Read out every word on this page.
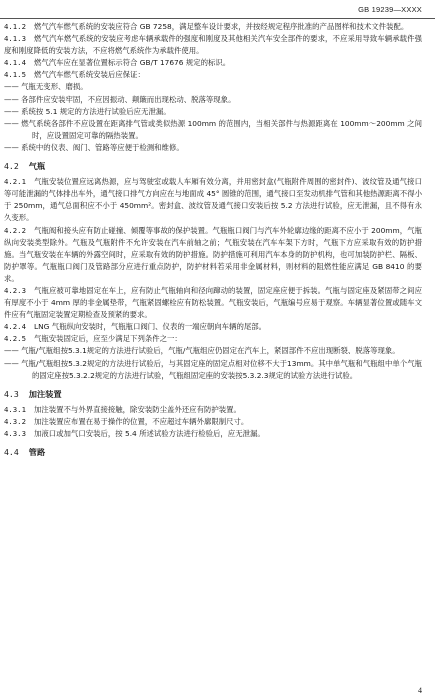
GB 19239—XXXX

4.1.2 燃气汽车燃气系统的安装应符合 GB 7258，满足整车设计要求，并按经规定程序批准的产品图样和技术文件装配。

4.1.3 燃气汽车燃气系统的安装应考虑车辆承载件的强度和刚度及其他相关汽车安全部件的要求，不应采用导致车辆承载件强度和刚度降低的安装方法，不应将燃气系统作为承载件使用。

4.1.4 燃气汽车应在显著位置标示符合 GB/T 17676 规定的标识。

4.1.5 燃气汽车燃气系统安装后应保证：

—— 气瓶无变形、磨损。

—— 各部件应安装牢固，不应因振动、颠簸而出现松动、脱落等现象。

—— 系统按 5.1 规定的方法进行试验后应无泄漏。

—— 燃气系统各部件不应设置在距离排气管或类似热源 100mm 的范围内，当相关部件与热源距离在 100mm～200mm 之间时，应设置固定可靠的隔热装置。

—— 系统中的仪表、阀门、管路等应便于检测和维修。

4.2 气瓶

4.2.1 气瓶安装位置应远离热源，应与驾驶室或载人车厢有效分离，并用密封盒(气瓶附件周围的密封件)、波纹管及通气接口等可能泄漏的气体排出车外，通气接口排气方向应在与地面成 45° 圆锥的范围，通气接口至发动机排气管和其他热源距离不得小于 250mm，通气总面积应不小于 450mm²。密封盒、波纹管及通气接口安装后按 5.2 方法进行试验，应无泄漏，且不得有永久变形。

4.2.2 气瓶阀和接头应有防止碰撞、倾覆等事故的保护装置。气瓶瓶口阀门与汽车外轮廓边缘的距离不应小于 200mm，气瓶纵向安装类型除外。气瓶及气瓶附件不允许安装在汽车前轴之前；气瓶安装在汽车车架下方时，气瓶下方应采取有效的防护措施。当气瓶安装在车辆的外露空间时，应采取有效的防护措施。防护措施可利用汽车本身的防护机构，也可加装防护栏、隔板、防护罩等。气瓶瓶口阀门及管路部分应进行重点防护，防护材料若采用非金属材料，则材料的阻燃性能应满足 GB 8410 的要求。

4.2.3 气瓶应被可靠地固定在车上，应有防止气瓶轴向和径向蹿动的装置，固定座应便于拆装。气瓶与固定座及紧固带之间应有厚度不小于 4mm 厚的非金属垫带，气瓶紧固螺栓应有防松装置。气瓶安装后，气瓶编号应易于观察。车辆显著位置或随车文件应有气瓶固定装置定期检查及预紧的要求。

4.2.4 LNG 气瓶纵向安装时，气瓶瓶口阀门、仪表的一端应朝向车辆的尾部。

4.2.5 气瓶安装固定后，应至少满足下列条件之一：

—— 气瓶/气瓶组按5.3.1规定的方法进行试验后，气瓶/气瓶组应仍固定在汽车上，紧固部件不应出现断裂、脱落等现象。

—— 气瓶/气瓶组按5.3.2规定的方法进行试验后，与其固定座的固定点相对位移不大于13mm。其中单气瓶和气瓶组中单个气瓶的固定座按5.3.2.2规定的方法进行试验，气瓶组固定座的安装按5.3.2.3规定的试验方法进行试验。

4.3 加注装置

4.3.1 加注装置不与外界直接接触，除安装防尘盖外还应有防护装置。

4.3.2 加注装置应布置在易于操作的位置，不应超过车辆外廓限制尺寸。

4.3.3 加液口或加气口安装后，按 5.4 所述试验方法进行检验后，应无泄漏。

4.4 管路
4
